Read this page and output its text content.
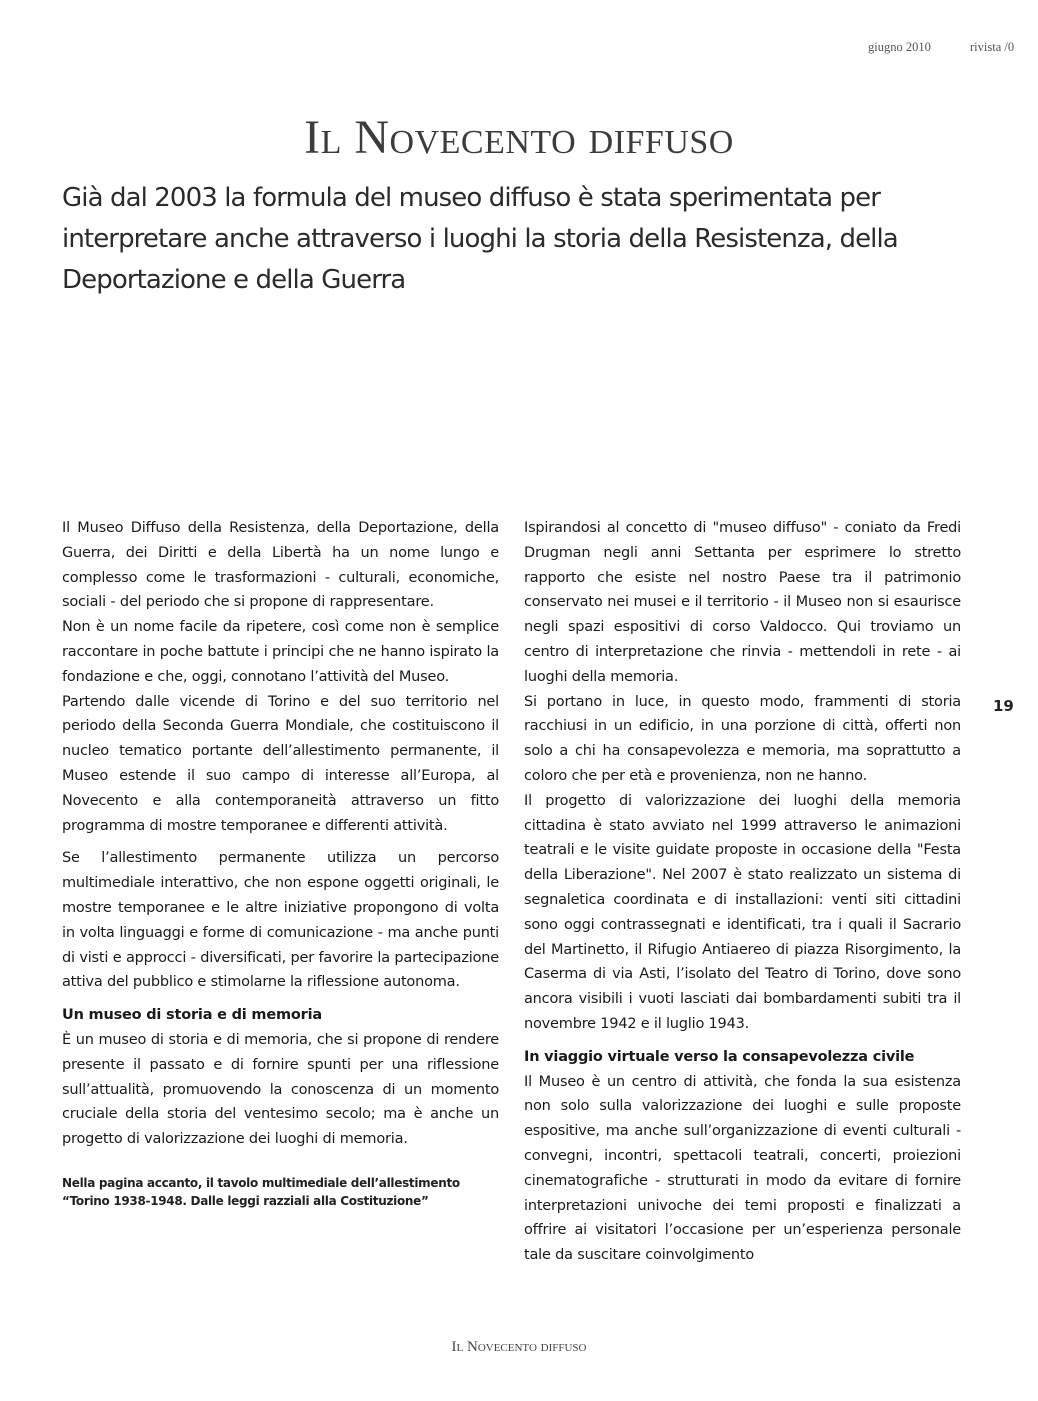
giugno 2010	rivista /0
Il Novecento diffuso
Già dal 2003 la formula del museo diffuso è stata sperimentata per interpretare anche attraverso i luoghi la storia della Resistenza, della Deportazione e della Guerra

Il Museo Diffuso della Resistenza, della Deportazione, della Guerra, dei Diritti e della Libertà ha un nome lungo e complesso come le trasformazioni - culturali, economiche, sociali - del periodo che si propone di rappresentare.

Non è un nome facile da ripetere, così come non è semplice raccontare in poche battute i principi che ne hanno ispirato la fondazione e che, oggi, connotano l’attività del Museo.

Partendo dalle vicende di Torino e del suo territorio nel periodo della Seconda Guerra Mondiale, che costituiscono il nucleo tematico portante dell’allestimento permanente, il Museo estende il suo campo di interesse all’Europa, al Novecento e alla contemporaneità attraverso un fitto programma di mostre temporanee e differenti attività.

Se l’allestimento permanente utilizza un percorso multimediale interattivo, che non espone oggetti originali, le mostre temporanee e le altre iniziative propongono di volta in volta linguaggi e forme di comunicazione - ma anche punti di visti e approcci - diversificati, per favorire la partecipazione attiva del pubblico e stimolarne la riflessione autonoma.

Un museo di storia e di memoria

È un museo di storia e di memoria, che si propone di rendere presente il passato e di fornire spunti per una riflessione sull’attualità, promuovendo la conoscenza di un momento cruciale della storia del ventesimo secolo; ma è anche un progetto di valorizzazione dei luoghi di memoria.

Nella pagina accanto, il tavolo multimediale dell’allestimento “Torino 1938-1948. Dalle leggi razziali alla Costituzione”

Ispirandosi al concetto di "museo diffuso" - coniato da Fredi Drugman negli anni Settanta per esprimere lo stretto rapporto che esiste nel nostro Paese tra il patrimonio conservato nei musei e il territorio - il Museo non si esaurisce negli spazi espositivi di corso Valdocco. Qui troviamo un centro di interpretazione che rinvia - mettendoli in rete - ai luoghi della memoria.

Si portano in luce, in questo modo, frammenti di storia racchiusi in un edificio, in una porzione di città, offerti non solo a chi ha consapevolezza e memoria, ma soprattutto a coloro che per età e provenienza, non ne hanno.

Il progetto di valorizzazione dei luoghi della memoria cittadina è stato avviato nel 1999 attraverso le animazioni teatrali e le visite guidate proposte in occasione della "Festa della Liberazione". Nel 2007 è stato realizzato un sistema di segnaletica coordinata e di installazioni: venti siti cittadini sono oggi contrassegnati e identificati, tra i quali il Sacrario del Martinetto, il Rifugio Antiaereo di piazza Risorgimento, la Caserma di via Asti, l’isolato del Teatro di Torino, dove sono ancora visibili i vuoti lasciati dai bombardamenti subiti tra il novembre 1942 e il luglio 1943.

In viaggio virtuale verso la consapevolezza civile

Il Museo è un centro di attività, che fonda la sua esistenza non solo sulla valorizzazione dei luoghi e sulle proposte espositive, ma anche sull’organizzazione di eventi culturali - convegni, incontri, spettacoli teatrali, concerti, proiezioni cinematografiche - strutturati in modo da evitare di fornire interpretazioni univoche dei temi proposti e finalizzati a offrire ai visitatori l’occasione per un’esperienza personale tale da suscitare coinvolgimento

19
Il Novecento diffuso
